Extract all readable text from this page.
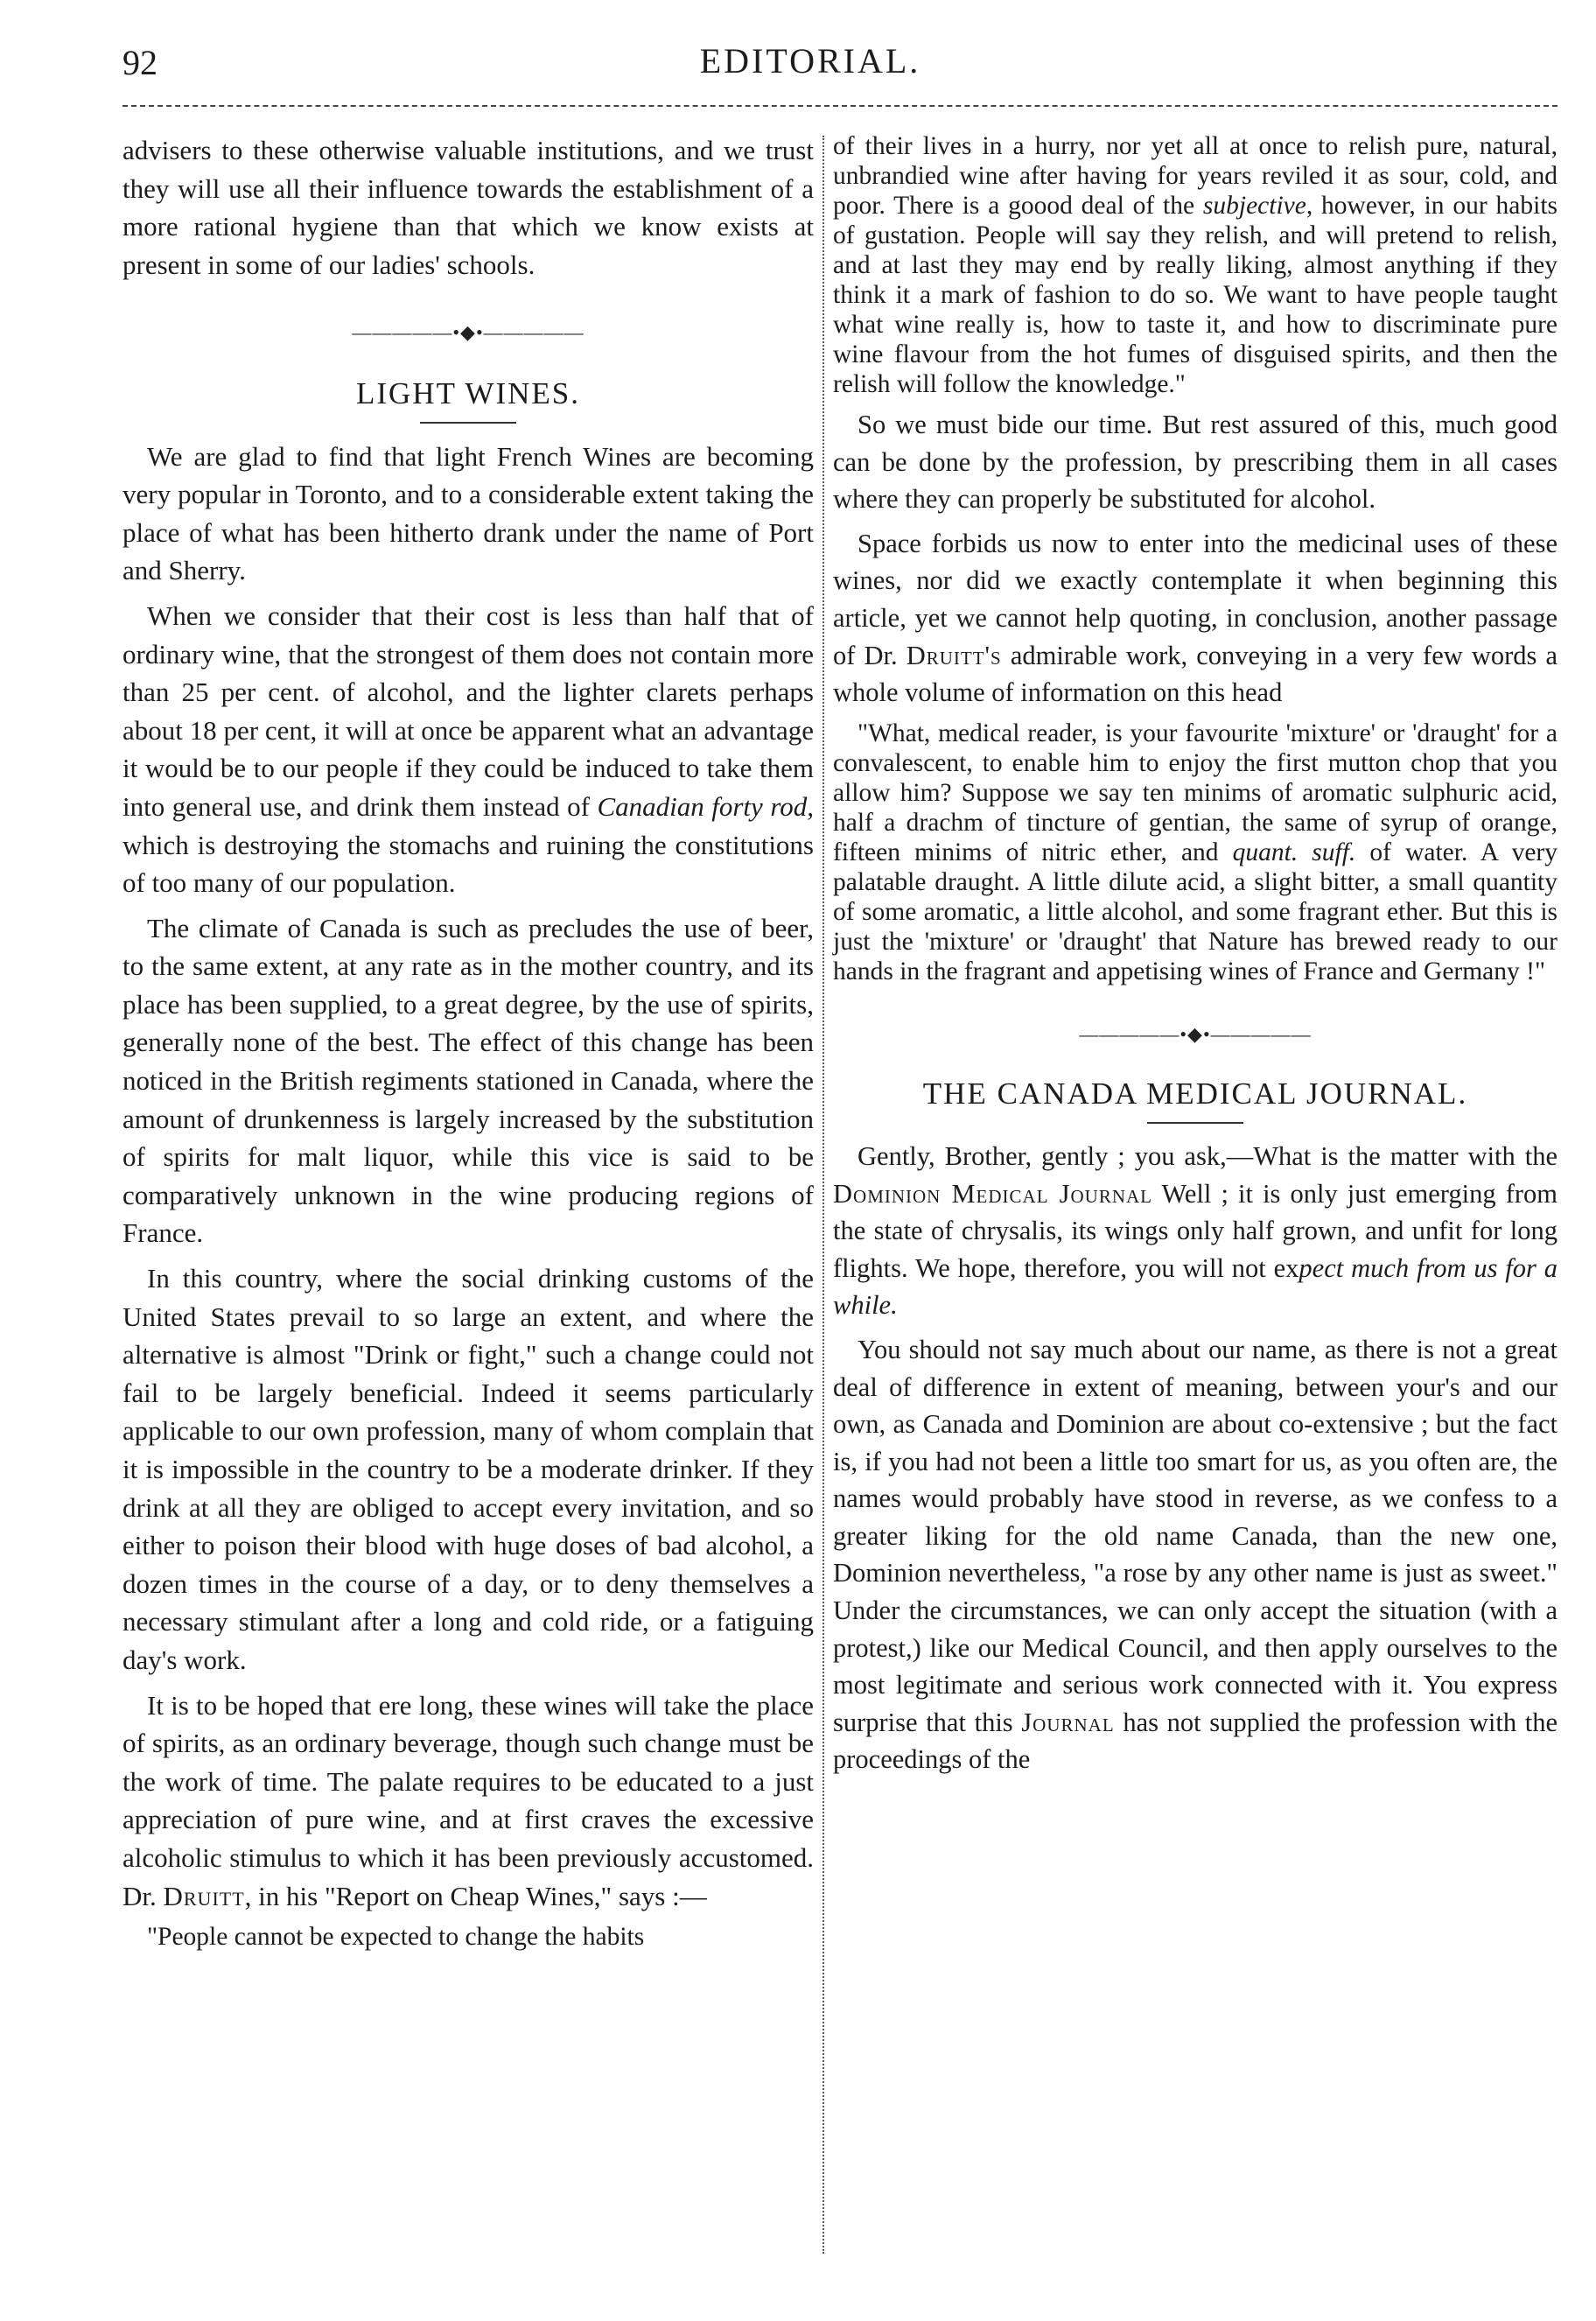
92	EDITORIAL.

advisers to these otherwise valuable institutions, and we trust they will use all their influence towards the establishment of a more rational hygiene than that which we know exists at present in some of our ladies' schools.

—————•◆•—————
LIGHT WINES.

We are glad to find that light French Wines are becoming very popular in Toronto, and to a considerable extent taking the place of what has been hitherto drank under the name of Port and Sherry.

When we consider that their cost is less than half that of ordinary wine, that the strongest of them does not contain more than 25 per cent. of alcohol, and the lighter clarets perhaps about 18 per cent, it will at once be apparent what an advantage it would be to our people if they could be induced to take them into general use, and drink them instead of Canadian forty rod, which is destroying the stomachs and ruining the constitutions of too many of our population.

The climate of Canada is such as precludes the use of beer, to the same extent, at any rate as in the mother country, and its place has been supplied, to a great degree, by the use of spirits, generally none of the best. The effect of this change has been noticed in the British regiments stationed in Canada, where the amount of drunkenness is largely increased by the substitution of spirits for malt liquor, while this vice is said to be comparatively unknown in the wine producing regions of France.

In this country, where the social drinking customs of the United States prevail to so large an extent, and where the alternative is almost "Drink or fight," such a change could not fail to be largely beneficial. Indeed it seems particularly applicable to our own profession, many of whom complain that it is impossible in the country to be a moderate drinker. If they drink at all they are obliged to accept every invitation, and so either to poison their blood with huge doses of bad alcohol, a dozen times in the course of a day, or to deny themselves a necessary stimulant after a long and cold ride, or a fatiguing day's work.

It is to be hoped that ere long, these wines will take the place of spirits, as an ordinary beverage, though such change must be the work of time. The palate requires to be educated to a just appreciation of pure wine, and at first craves the excessive alcoholic stimulus to which it has been previously accustomed. Dr. Druitt, in his "Report on Cheap Wines," says :—

"People cannot be expected to change the habits

of their lives in a hurry, nor yet all at once to relish pure, natural, unbrandied wine after having for years reviled it as sour, cold, and poor. There is a goood deal of the subjective, however, in our habits of gustation. People will say they relish, and will pretend to relish, and at last they may end by really liking, almost anything if they think it a mark of fashion to do so. We want to have people taught what wine really is, how to taste it, and how to discriminate pure wine flavour from the hot fumes of disguised spirits, and then the relish will follow the knowledge."

So we must bide our time. But rest assured of this, much good can be done by the profession, by prescribing them in all cases where they can properly be substituted for alcohol.

Space forbids us now to enter into the medicinal uses of these wines, nor did we exactly contemplate it when beginning this article, yet we cannot help quoting, in conclusion, another passage of Dr. Druitt's admirable work, conveying in a very few words a whole volume of information on this head

"What, medical reader, is your favourite 'mixture' or 'draught' for a convalescent, to enable him to enjoy the first mutton chop that you allow him? Suppose we say ten minims of aromatic sulphuric acid, half a drachm of tincture of gentian, the same of syrup of orange, fifteen minims of nitric ether, and quant. suff. of water. A very palatable draught. A little dilute acid, a slight bitter, a small quantity of some aromatic, a little alcohol, and some fragrant ether. But this is just the 'mixture' or 'draught' that Nature has brewed ready to our hands in the fragrant and appetising wines of France and Germany !"

—————•◆•—————
THE CANADA MEDICAL JOURNAL.

Gently, Brother, gently ; you ask,—What is the matter with the Dominion Medical Journal Well ; it is only just emerging from the state of chrysalis, its wings only half grown, and unfit for long flights. We hope, therefore, you will not expect much from us for a while.

You should not say much about our name, as there is not a great deal of difference in extent of meaning, between your's and our own, as Canada and Dominion are about co-extensive ; but the fact is, if you had not been a little too smart for us, as you often are, the names would probably have stood in reverse, as we confess to a greater liking for the old name Canada, than the new one, Dominion nevertheless, "a rose by any other name is just as sweet." Under the circumstances, we can only accept the situation (with a protest,) like our Medical Council, and then apply ourselves to the most legitimate and serious work connected with it. You express surprise that this Journal has not supplied the profession with the proceedings of the
